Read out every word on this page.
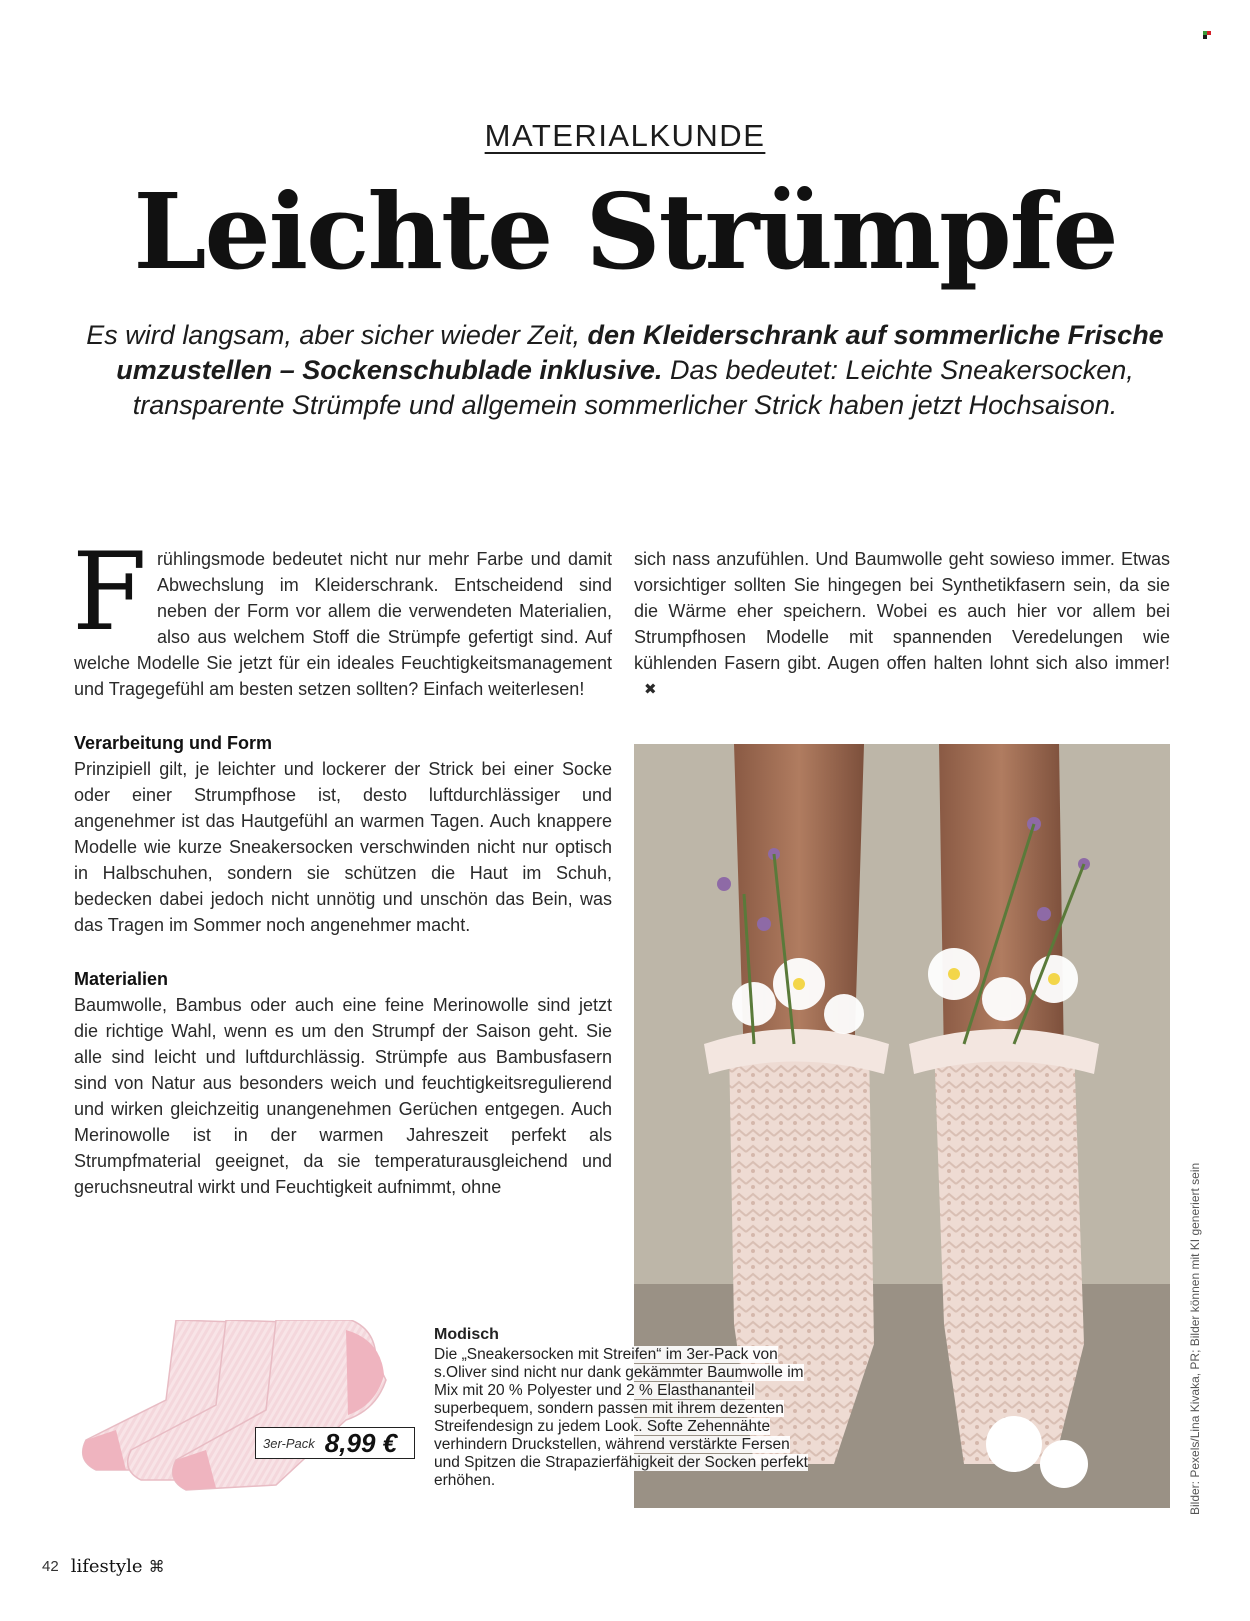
MATERIALKUNDE
Leichte Strümpfe
Es wird langsam, aber sicher wieder Zeit, den Kleiderschrank auf sommerliche Frische umzustellen – Sockenschublade inklusive. Das bedeutet: Leichte Sneakersocken, transparente Strümpfe und allgemein sommerlicher Strick haben jetzt Hochsaison.

Frühlingsmode bedeutet nicht nur mehr Farbe und damit Abwechslung im Kleiderschrank. Entscheidend sind neben der Form vor allem die verwendeten Materialien, also aus welchem Stoff die Strümpfe gefertigt sind. Auf welche Modelle Sie jetzt für ein ideales Feuchtigkeitsmanagement und Tragegefühl am besten setzen sollten? Einfach weiterlesen!

Verarbeitung und Form

Prinzipiell gilt, je leichter und lockerer der Strick bei einer Socke oder einer Strumpfhose ist, desto luftdurchlässiger und angenehmer ist das Hautgefühl an warmen Tagen. Auch knappere Modelle wie kurze Sneakersocken verschwinden nicht nur optisch in Halbschuhen, sondern sie schützen die Haut im Schuh, bedecken dabei jedoch nicht unnötig und unschön das Bein, was das Tragen im Sommer noch angenehmer macht.

Materialien

Baumwolle, Bambus oder auch eine feine Merinowolle sind jetzt die richtige Wahl, wenn es um den Strumpf der Saison geht. Sie alle sind leicht und luftdurchlässig. Strümpfe aus Bambusfasern sind von Natur aus besonders weich und feuchtigkeitsregulierend und wirken gleichzeitig unangenehmen Gerüchen entgegen. Auch Merinowolle ist in der warmen Jahreszeit perfekt als Strumpfmaterial geeignet, da sie temperaturausgleichend und geruchsneutral wirkt und Feuchtigkeit aufnimmt, ohne

sich nass anzufühlen. Und Baumwolle geht sowieso immer. Etwas vorsichtiger sollten Sie hingegen bei Synthetikfasern sein, da sie die Wärme eher speichern. Wobei es auch hier vor allem bei Strumpfhosen Modelle mit spannenden Veredelungen wie kühlenden Fasern gibt. Augen offen halten lohnt sich also immer!✖

Bilder: Pexels/Lina Kivaka, PR; Bilder können mit KI generiert sein
3er-Pack 8,99 €

Modisch

Die „Sneakersocken mit Streifen“ im 3er-Pack von s.Oliver sind nicht nur dank gekämmter Baumwolle im Mix mit 20 % Polyester und 2 % Elasthananteil superbequem, sondern passen mit ihrem dezenten Streifendesign zu jedem Look. Softe Zehennähte verhindern Druckstellen, während verstärkte Fersen und Spitzen die Strapazierfähigkeit der Socken perfekt erhöhen.

42 lifestyle ⌘
